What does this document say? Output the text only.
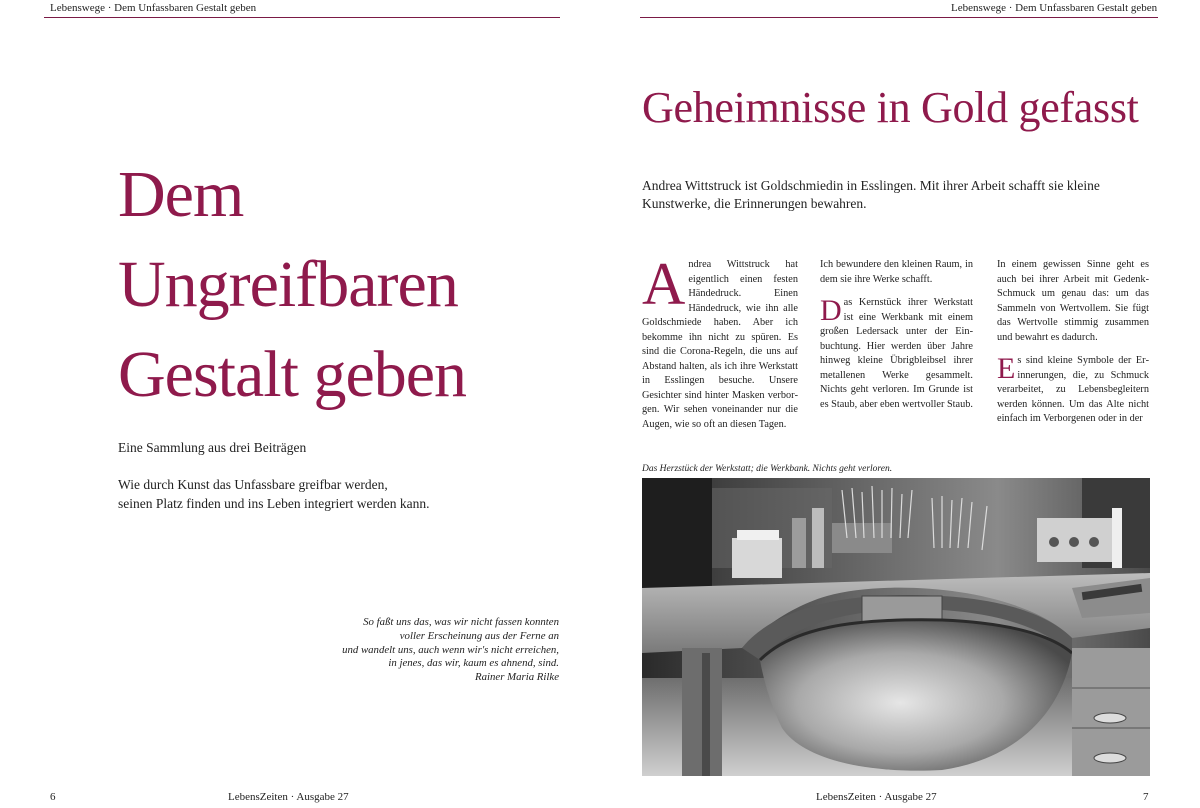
Lebenswege · Dem Unfassbaren Gestalt geben	Lebenswege · Dem Unfassbaren Gestalt geben
Dem
Ungreifbaren
Gestalt geben
Eine Sammlung aus drei Beiträgen
Wie durch Kunst das Unfassbare greifbar werden,
seinen Platz finden und ins Leben integriert werden kann.
So faßt uns das, was wir nicht fassen konnten
voller Erscheinung aus der Ferne an
und wandelt uns, auch wenn wir's nicht erreichen,
in jenes, das wir, kaum es ahnend, sind.
Rainer Maria Rilke
Geheimnisse in Gold gefasst
Andrea Wittstruck ist Goldschmiedin in Esslingen. Mit ihrer Arbeit schafft sie kleine Kunstwerke, die Erinnerungen bewahren.

Andrea Wittstruck hat eigentlich einen festen Händedruck. Einen Händedruck, wie ihn alle Goldschmiede haben. Aber ich bekomme ihn nicht zu spüren. Es sind die Corona-Regeln, die uns auf Abstand halten, als ich ihre Werkstatt in Esslingen besuche. Unsere Gesichter sind hinter Masken verborgen. Wir sehen voneinander nur die Augen, wie so oft an diesen Tagen.

Ich bewundere den kleinen Raum, in dem sie ihre Werke schafft.

Das Kernstück ihrer Werkstatt ist eine Werkbank mit einem großen Ledersack unter der Einbuchtung. Hier werden über Jahre hinweg kleine Übrigbleibsel ihrer metallenen Werke gesammelt. Nichts geht verloren. Im Grunde ist es Staub, aber eben wertvoller Staub.

In einem gewissen Sinne geht es auch bei ihrer Arbeit mit Gedenk-Schmuck um genau das: um das Sammeln von Wertvollem. Sie fügt das Wertvolle stimmig zusammen und bewahrt es dadurch.

Es sind kleine Symbole der Erinnerungen, die, zu Schmuck verarbeitet, zu Lebensbegleitern werden können. Um das Alte nicht einfach im Verborgenen oder in der

Das Herzstück der Werkstatt; die Werkbank. Nichts geht verloren.
6	LebensZeiten · Ausgabe 27	LebensZeiten · Ausgabe 27	7
